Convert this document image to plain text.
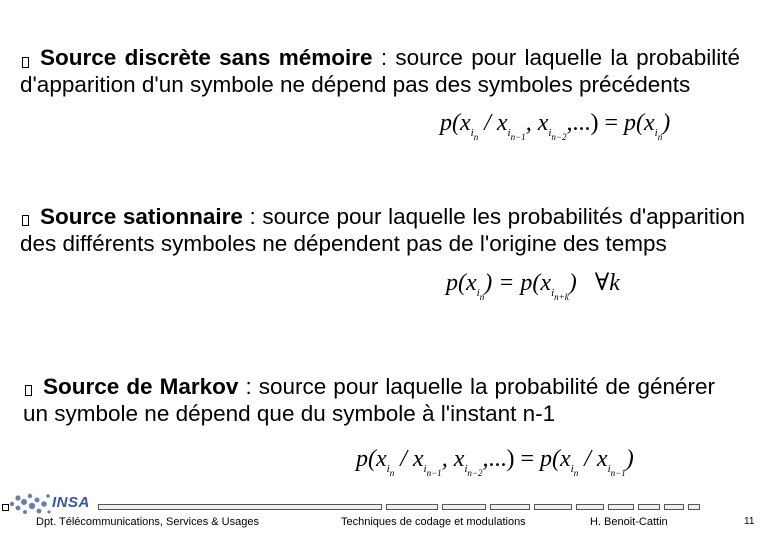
Source discrète sans mémoire : source pour laquelle la probabilité d'apparition d'un symbole ne dépend pas des symboles précédents
$p(x_{i_n} / x_{i_{n-1}}$, $x_{i_{n-2}},...) = p(x_{i_n})$
Source sationnaire : source pour laquelle les probabilités d'apparition des différents symboles ne dépendent pas de l'origine des temps
$p(x_{i_n}) = p(x_{i_{n+k}})$   ∀k
Source de Markov : source pour laquelle la probabilité de générer un symbole ne dépend que du symbole à l'instant n-1
$p(x_{i_n} / x_{i_{n-1}}$, $x_{i_{n-2}},...) = p(x_{i_n} / x_{i_{n-1}})$
INSA
Dpt. Télécommunications, Services & Usages	Techniques de codage et modulations	H. Benoit-Cattin	11
